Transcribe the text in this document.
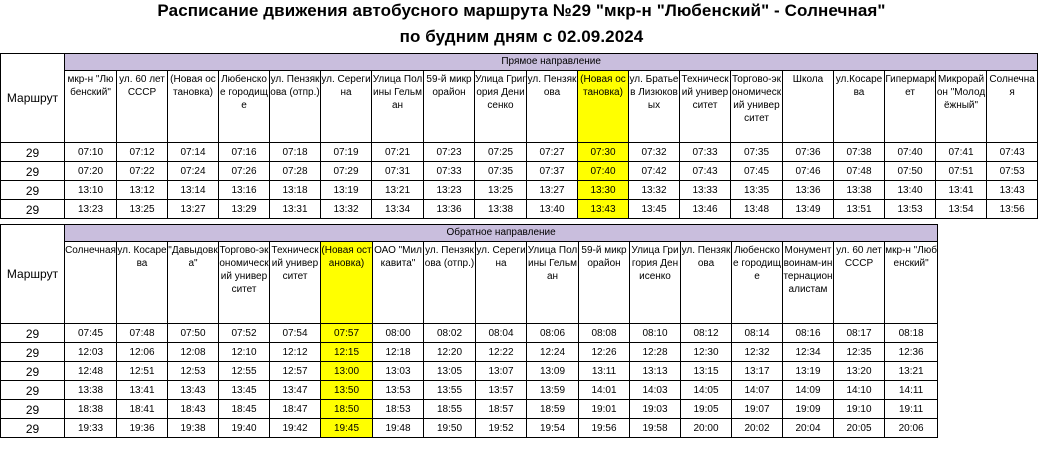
Расписание движения автобусного маршрута №29 "мкр-н "Любенский" - Солнечная"
по будним дням с 02.09.2024
Маршрут	Прямое направление																		
	мкр-н "Любенский"	ул. 60 лет СССР	(Новая остановка)	Любенское городище	ул. Пензякова (отпр.)	ул. Серегина	Улица Полины Гельман	59-й микрорайон	Улица Григория Денисенко	ул. Пензякова	(Новая остановка)	ул. Братьев Лизюковых	Технический университет	Торгово-экономический университет	Школа	ул.Косарева	Гипермаркет	Микрорайон "Молодёжный"	Солнечная
29	07:10	07:12	07:14	07:16	07:18	07:19	07:21	07:23	07:25	07:27	07:30	07:32	07:33	07:35	07:36	07:38	07:40	07:41	07:43
29	07:20	07:22	07:24	07:26	07:28	07:29	07:31	07:33	07:35	07:37	07:40	07:42	07:43	07:45	07:46	07:48	07:50	07:51	07:53
29	13:10	13:12	13:14	13:16	13:18	13:19	13:21	13:23	13:25	13:27	13:30	13:32	13:33	13:35	13:36	13:38	13:40	13:41	13:43
29	13:23	13:25	13:27	13:29	13:31	13:32	13:34	13:36	13:38	13:40	13:43	13:45	13:46	13:48	13:49	13:51	13:53	13:54	13:56
Маршрут	Обратное направление																
	Солнечная	ул. Косарева	"Давыдовка"	Торгово-экономический университет	Технический университет	(Новая остановка)	ОАО "Милкавита"	ул. Пензякова (отпр.)	ул. Серегина	Улица Полины Гельман	59-й микрорайон	Улица Григория Денисенко	ул. Пензякова	Любенское городище	Монумент воинам-интернационалистам	ул. 60 лет СССР	мкр-н "Любенский"
29	07:45	07:48	07:50	07:52	07:54	07:57	08:00	08:02	08:04	08:06	08:08	08:10	08:12	08:14	08:16	08:17	08:18
29	12:03	12:06	12:08	12:10	12:12	12:15	12:18	12:20	12:22	12:24	12:26	12:28	12:30	12:32	12:34	12:35	12:36
29	12:48	12:51	12:53	12:55	12:57	13:00	13:03	13:05	13:07	13:09	13:11	13:13	13:15	13:17	13:19	13:20	13:21
29	13:38	13:41	13:43	13:45	13:47	13:50	13:53	13:55	13:57	13:59	14:01	14:03	14:05	14:07	14:09	14:10	14:11
29	18:38	18:41	18:43	18:45	18:47	18:50	18:53	18:55	18:57	18:59	19:01	19:03	19:05	19:07	19:09	19:10	19:11
29	19:33	19:36	19:38	19:40	19:42	19:45	19:48	19:50	19:52	19:54	19:56	19:58	20:00	20:02	20:04	20:05	20:06
